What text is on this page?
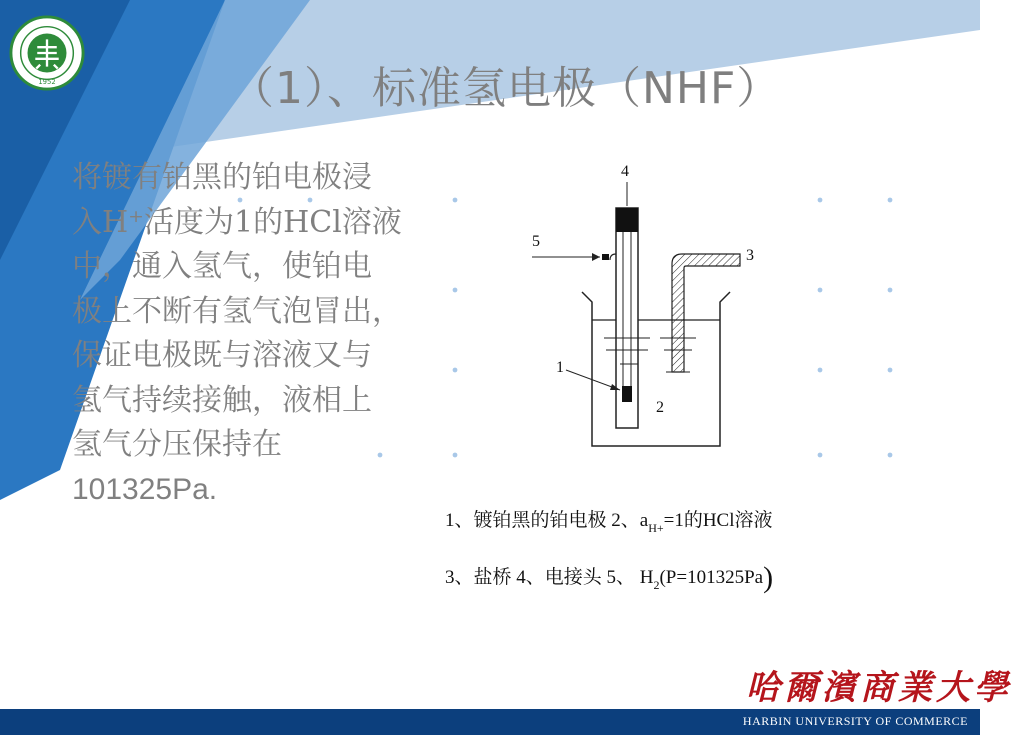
1952	（1）、标准氢电极（NHF）

将镀有铂黑的铂电极浸

入H⁺活度为1的HCl溶液

中，通入氢气，使铂电

极上不断有氢气泡冒出，

保证电极既与溶液又与

氢气持续接触，液相上

氢气分压保持在

101325Pa.

4
5
3
1
2
1、镀铂黑的铂电极 2、$a_{H+}=1$的HCl溶液
3、盐桥 4、电接头 5、 $H_2(P=101325Pa)$
哈爾濱商業大學
HARBIN UNIVERSITY OF COMMERCE
